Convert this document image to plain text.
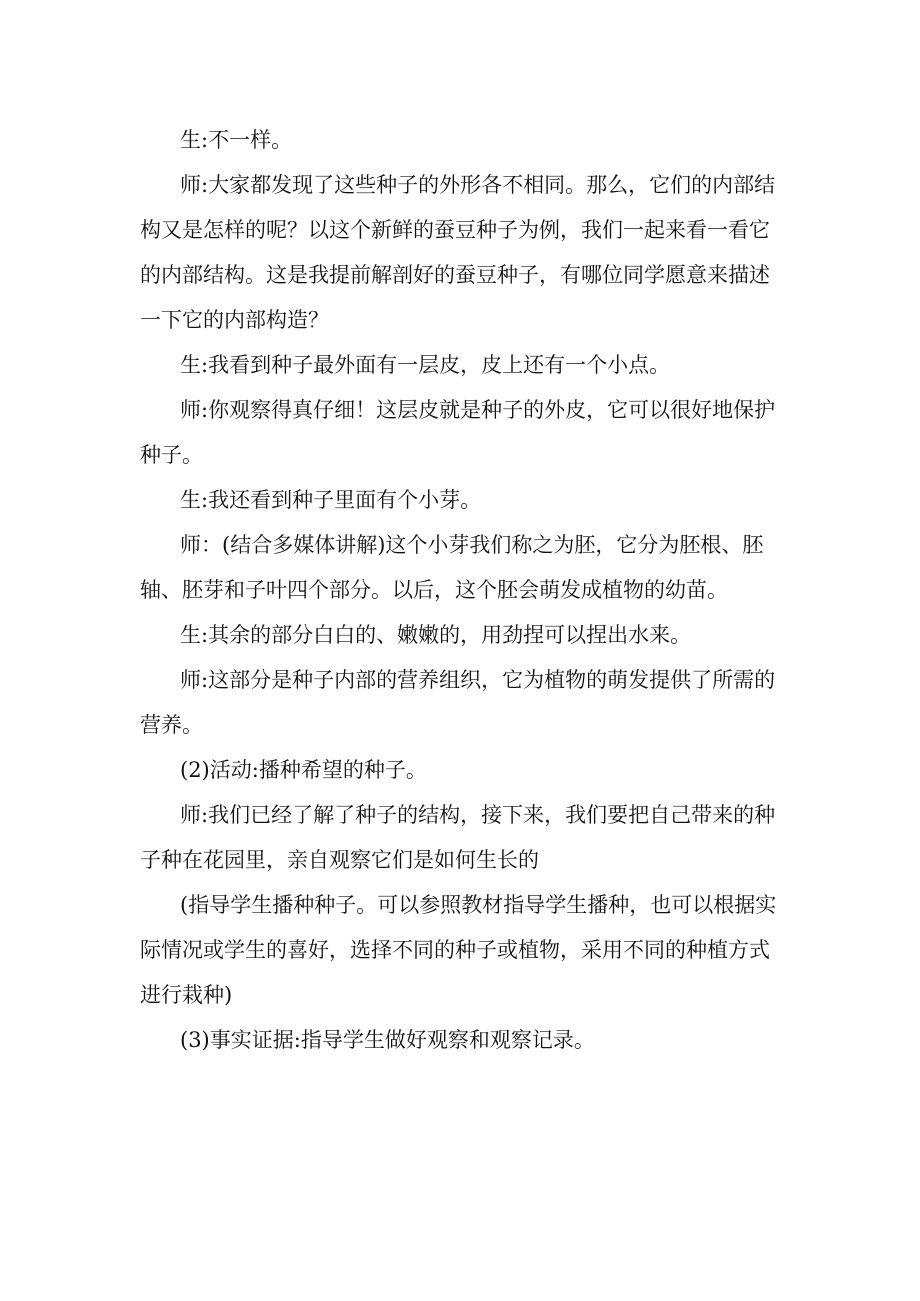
生:不一样。

师:大家都发现了这些种子的外形各不相同。那么，它们的内部结构又是怎样的呢？以这个新鲜的蚕豆种子为例，我们一起来看一看它的内部结构。这是我提前解剖好的蚕豆种子，有哪位同学愿意来描述一下它的内部构造？

生:我看到种子最外面有一层皮，皮上还有一个小点。

师:你观察得真仔细！这层皮就是种子的外皮，它可以很好地保护种子。

生:我还看到种子里面有个小芽。

师：(结合多媒体讲解)这个小芽我们称之为胚，它分为胚根、胚轴、胚芽和子叶四个部分。以后，这个胚会萌发成植物的幼苗。

生:其余的部分白白的、嫩嫩的，用劲捏可以捏出水来。

师:这部分是种子内部的营养组织，它为植物的萌发提供了所需的营养。

(2)活动:播种希望的种子。

师:我们已经了解了种子的结构，接下来，我们要把自己带来的种子种在花园里，亲自观察它们是如何生长的

(指导学生播种种子。可以参照教材指导学生播种，也可以根据实际情况或学生的喜好，选择不同的种子或植物，采用不同的种植方式进行栽种)

(3)事实证据:指导学生做好观察和观察记录。
